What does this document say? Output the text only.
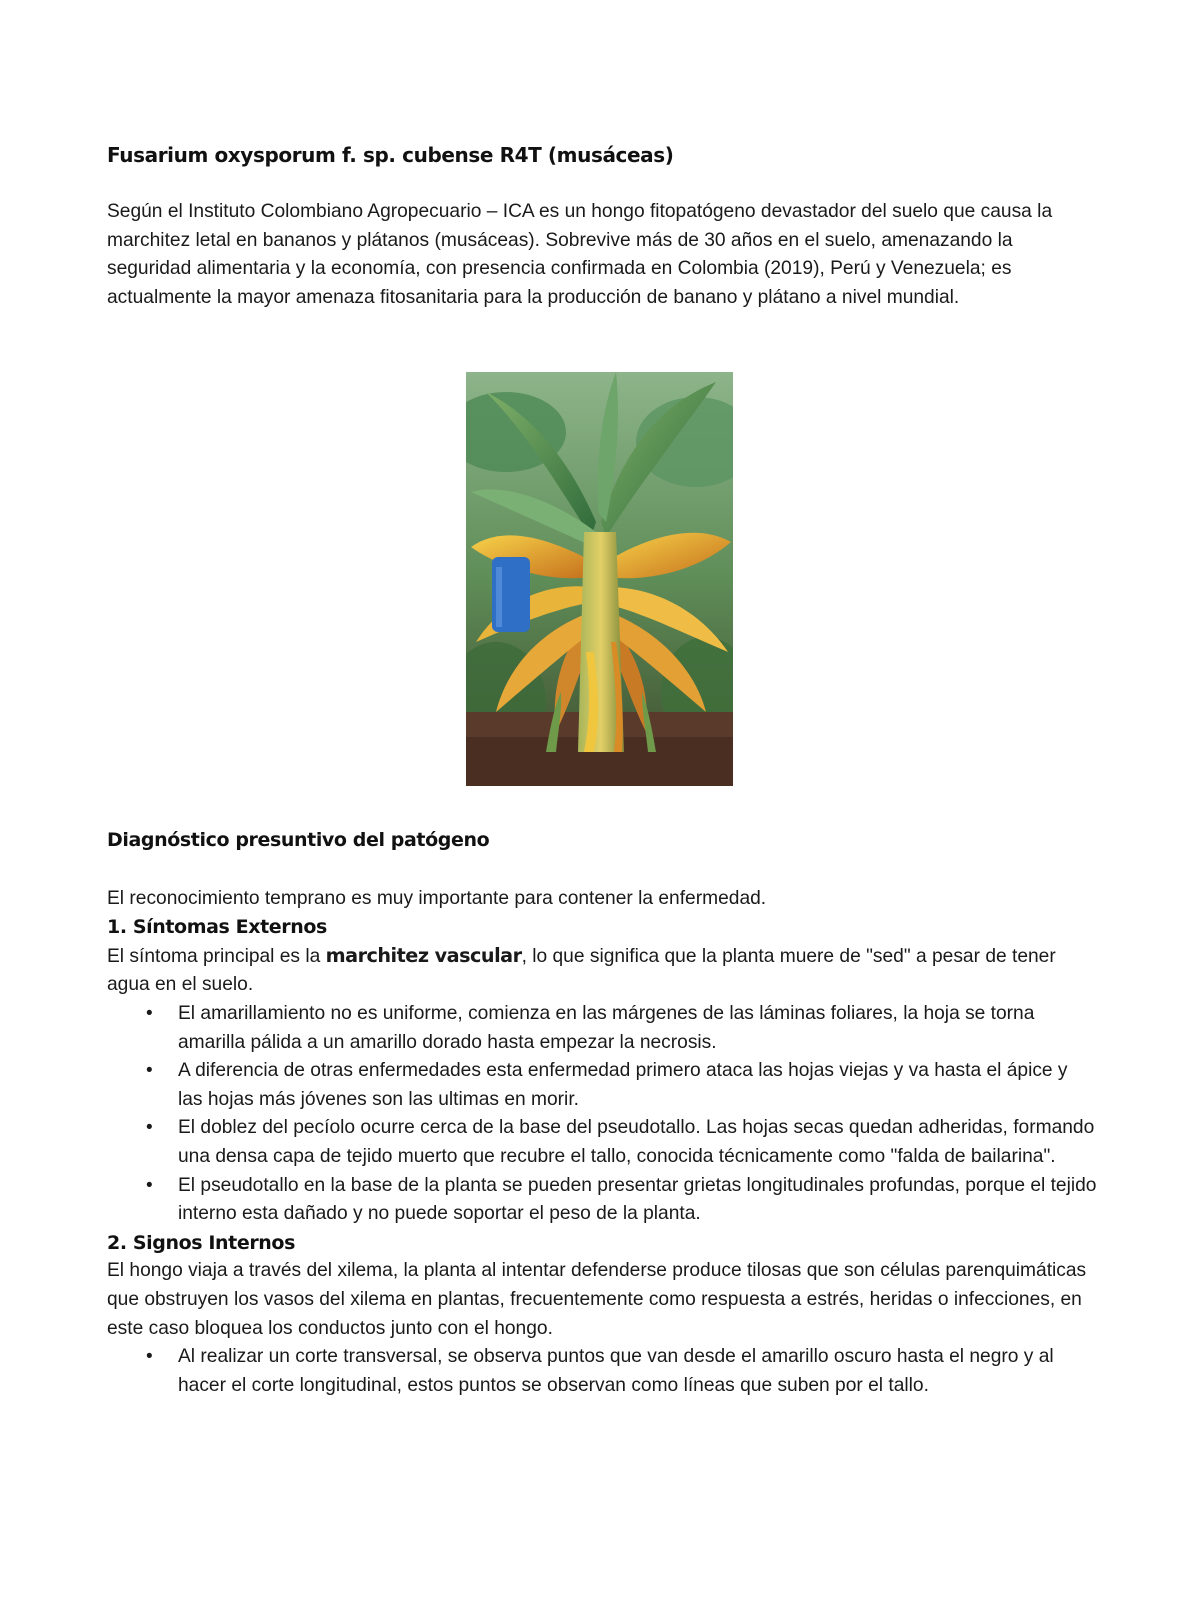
Fusarium oxysporum f. sp. cubense R4T (musáceas)

Según el Instituto Colombiano Agropecuario – ICA es un hongo fitopatógeno devastador del suelo que causa la marchitez letal en bananos y plátanos (musáceas). Sobrevive más de 30 años en el suelo, amenazando la seguridad alimentaria y la economía, con presencia confirmada en Colombia (2019), Perú y Venezuela; es actualmente la mayor amenaza fitosanitaria para la producción de banano y plátano a nivel mundial.

Diagnóstico presuntivo del patógeno

El reconocimiento temprano es muy importante para contener la enfermedad.

1. Síntomas Externos

El síntoma principal es la marchitez vascular, lo que significa que la planta muere de "sed" a pesar de tener agua en el suelo.

• El amarillamiento no es uniforme, comienza en las márgenes de las láminas foliares, la hoja se torna amarilla pálida a un amarillo dorado hasta empezar la necrosis.
• A diferencia de otras enfermedades esta enfermedad primero ataca las hojas viejas y va hasta el ápice y las hojas más jóvenes son las ultimas en morir.
• El doblez del pecíolo ocurre cerca de la base del pseudotallo. Las hojas secas quedan adheridas, formando una densa capa de tejido muerto que recubre el tallo, conocida técnicamente como "falda de bailarina".
• El pseudotallo en la base de la planta se pueden presentar grietas longitudinales profundas, porque el tejido interno esta dañado y no puede soportar el peso de la planta.

2. Signos Internos

El hongo viaja a través del xilema, la planta al intentar defenderse produce tilosas que son células parenquimáticas que obstruyen los vasos del xilema en plantas, frecuentemente como respuesta a estrés, heridas o infecciones, en este caso bloquea los conductos junto con el hongo.

• Al realizar un corte transversal, se observa puntos que van desde el amarillo oscuro hasta el negro y al hacer el corte longitudinal, estos puntos se observan como líneas que suben por el tallo.
